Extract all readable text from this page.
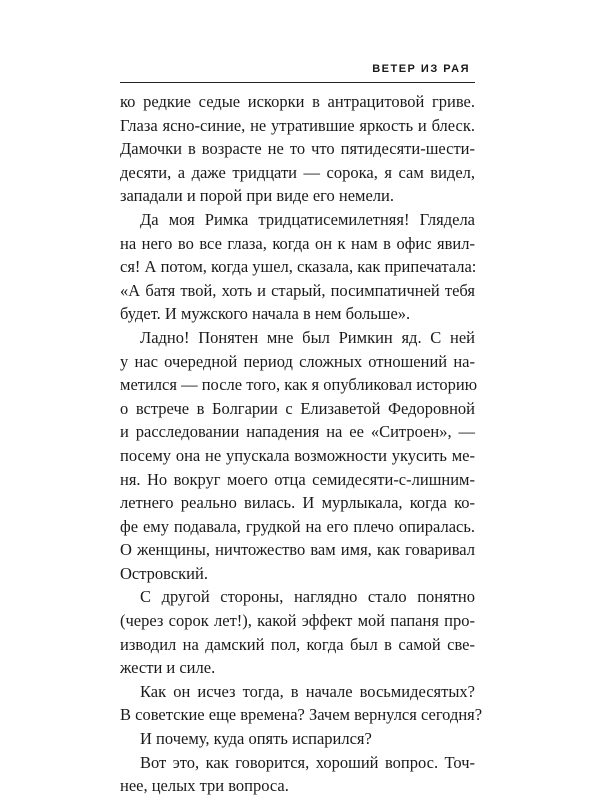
ВЕТЕР ИЗ РАЯ
ко редкие седые искорки в антрацитовой гриве.
Глаза ясно-синие, не утратившие яркость и блеск.
Дамочки в возрасте не то что пятидесяти-шести-
десяти, а даже тридцати — сорока, я сам видел,
западали и порой при виде его немели.
Да моя Римка тридцатисемилетняя! Глядела
на него во все глаза, когда он к нам в офис явил-
ся! А потом, когда ушел, сказала, как припечатала:
«А батя твой, хоть и старый, посимпатичней тебя
будет. И мужского начала в нем больше».
Ладно! Понятен мне был Римкин яд. С ней
у нас очередной период сложных отношений на-
метился — после того, как я опубликовал историю
о встрече в Болгарии с Елизаветой Федоровной
и расследовании нападения на ее «Ситроен», —
посему она не упускала возможности укусить ме-
ня. Но вокруг моего отца семидесяти-с-лишним-
летнего реально вилась. И мурлыкала, когда ко-
фе ему подавала, грудкой на его плечо опиралась.
О женщины, ничтожество вам имя, как говаривал
Островский.
С другой стороны, наглядно стало понятно
(через сорок лет!), какой эффект мой папаня про-
изводил на дамский пол, когда был в самой све-
жести и силе.
Как он исчез тогда, в начале восьмидесятых?
В советские еще времена? Зачем вернулся сегодня?
И почему, куда опять испарился?
Вот это, как говорится, хороший вопрос. Точ-
нее, целых три вопроса.
